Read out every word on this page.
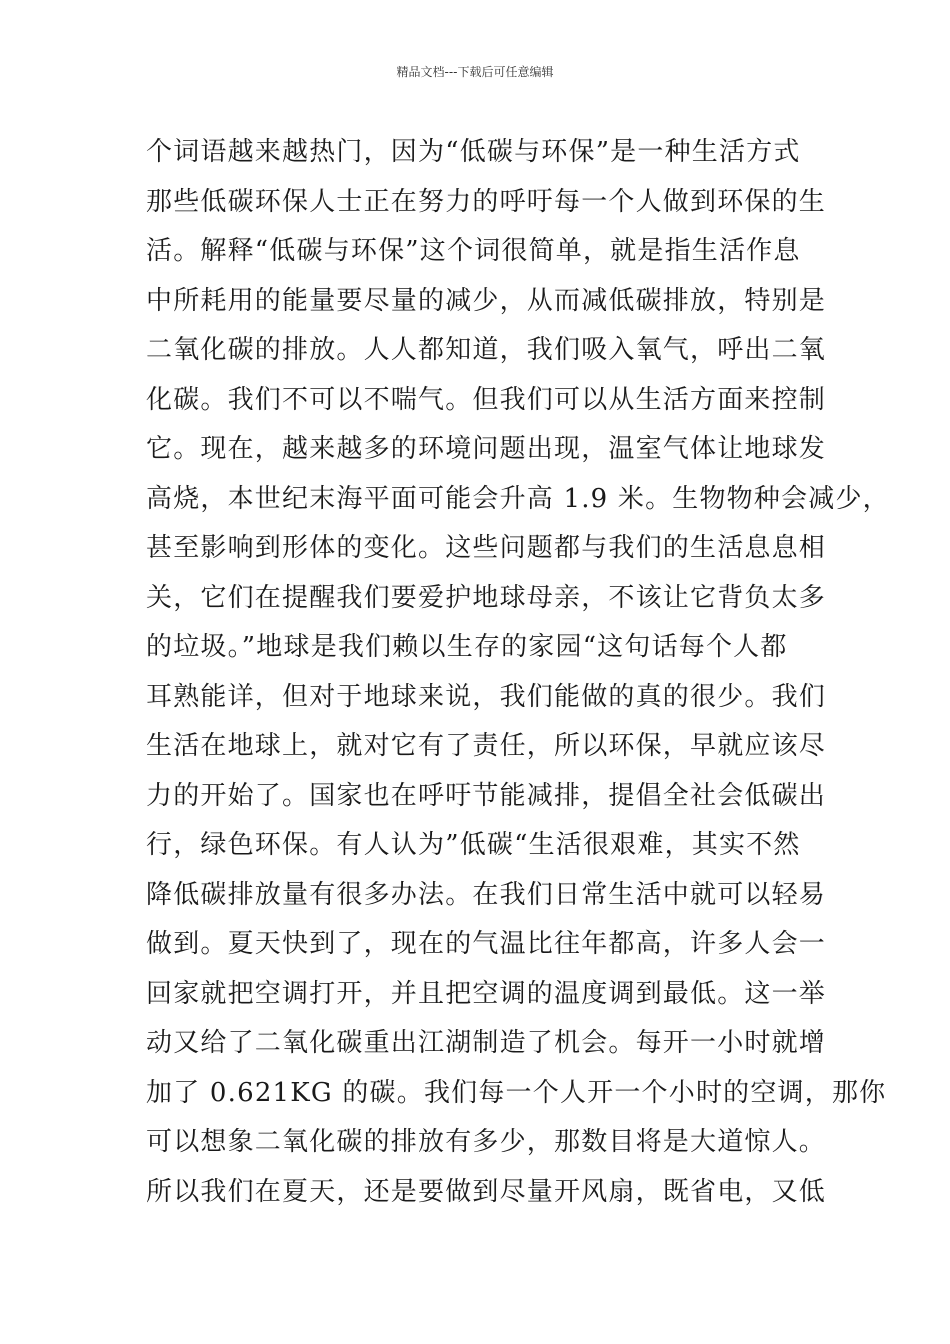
精品文档---下载后可任意编辑
个词语越来越热门，因为“低碳与环保”是一种生活方式
那些低碳环保人士正在努力的呼吁每一个人做到环保的生
活。解释“低碳与环保”这个词很简单，就是指生活作息
中所耗用的能量要尽量的减少，从而减低碳排放，特别是
二氧化碳的排放。人人都知道，我们吸入氧气，呼出二氧
化碳。我们不可以不喘气。但我们可以从生活方面来控制
它。现在，越来越多的环境问题出现，温室气体让地球发
高烧，本世纪末海平面可能会升高 1.9 米。生物物种会减少，
甚至影响到形体的变化。这些问题都与我们的生活息息相
关，它们在提醒我们要爱护地球母亲，不该让它背负太多
的垃圾。”地球是我们赖以生存的家园“这句话每个人都
耳熟能详，但对于地球来说，我们能做的真的很少。我们
生活在地球上，就对它有了责任，所以环保，早就应该尽
力的开始了。国家也在呼吁节能减排，提倡全社会低碳出
行，绿色环保。有人认为”低碳“生活很艰难，其实不然
降低碳排放量有很多办法。在我们日常生活中就可以轻易
做到。夏天快到了，现在的气温比往年都高，许多人会一
回家就把空调打开，并且把空调的温度调到最低。这一举
动又给了二氧化碳重出江湖制造了机会。每开一小时就增
加了 0.621KG 的碳。我们每一个人开一个小时的空调，那你
可以想象二氧化碳的排放有多少，那数目将是大道惊人。
所以我们在夏天，还是要做到尽量开风扇，既省电，又低
